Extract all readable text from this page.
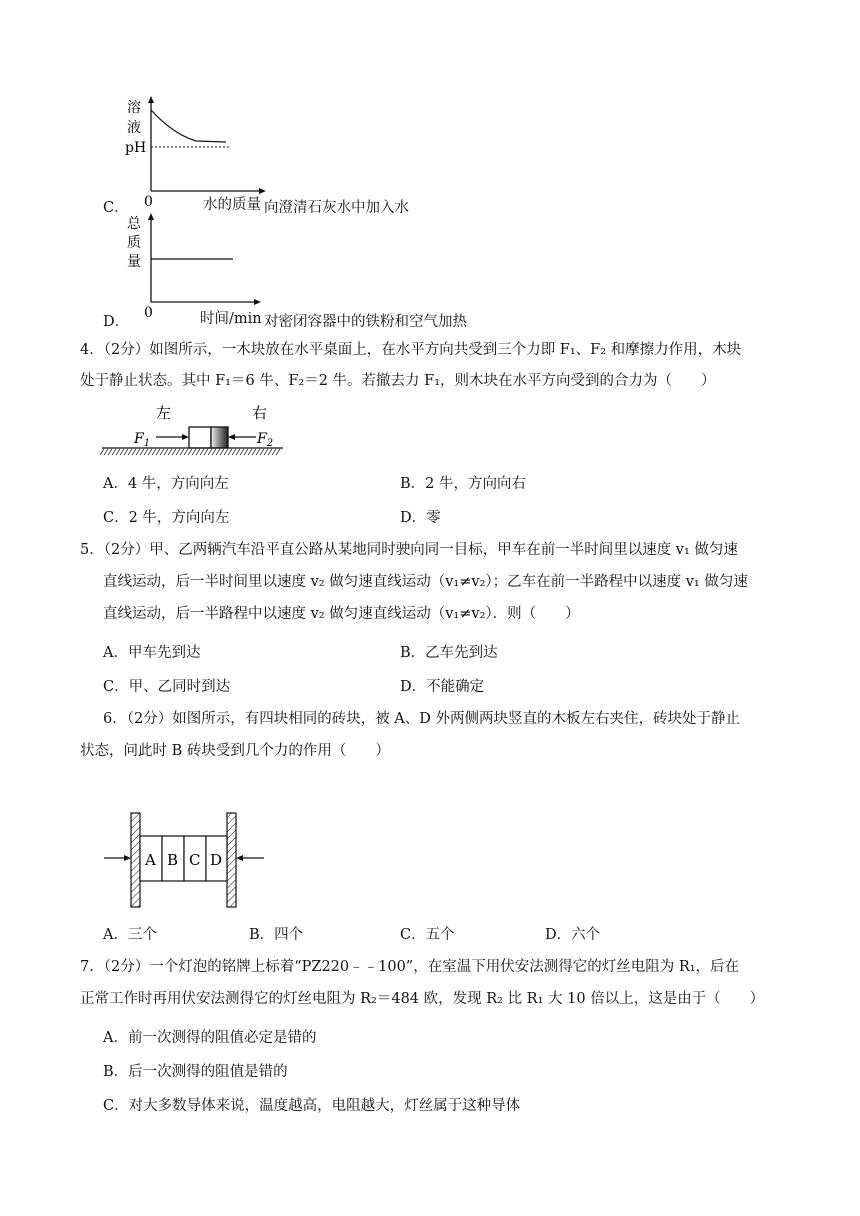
溶
液
pH
0
C．	水的质量 向澄清石灰水中加入水
总
质
量
0
D．	时间/min 对密闭容器中的铁粉和空气加热
4．（2分）如图所示，一木块放在水平桌面上，在水平方向共受到三个力即 F₁、F₂ 和摩擦力作用，木块
处于静止状态。其中 F₁＝6 牛、F₂＝2 牛。若撤去力 F₁，则木块在水平方向受到的合力为（　　）
左	右
$F_1$	$F_2$
A．4 牛，方向向左	B．2 牛，方向向右
C．2 牛，方向向左	D．零
5．（2分）甲、乙两辆汽车沿平直公路从某地同时驶向同一目标，甲车在前一半时间里以速度 v₁ 做匀速
直线运动，后一半时间里以速度 v₂ 做匀速直线运动（v₁≠v₂）；乙车在前一半路程中以速度 v₁ 做匀速
直线运动，后一半路程中以速度 v₂ 做匀速直线运动（v₁≠v₂）．则（　　）
A．甲车先到达	B．乙车先到达
C．甲、乙同时到达	D．不能确定
6．（2分）如图所示，有四块相同的砖块，被 A、D 外两侧两块竖直的木板左右夹住，砖块处于静止
状态，问此时 B 砖块受到几个力的作用（　　）
A B C D
A．三个	B．四个	C．五个	D．六个
7．（2分）一个灯泡的铭牌上标着“PZ220﹣﹣100”，在室温下用伏安法测得它的灯丝电阻为 R₁，后在
正常工作时再用伏安法测得它的灯丝电阻为 R₂＝484 欧，发现 R₂ 比 R₁ 大 10 倍以上，这是由于（　　）
A．前一次测得的阻值必定是错的
B．后一次测得的阻值是错的
C．对大多数导体来说，温度越高，电阻越大，灯丝属于这种导体
